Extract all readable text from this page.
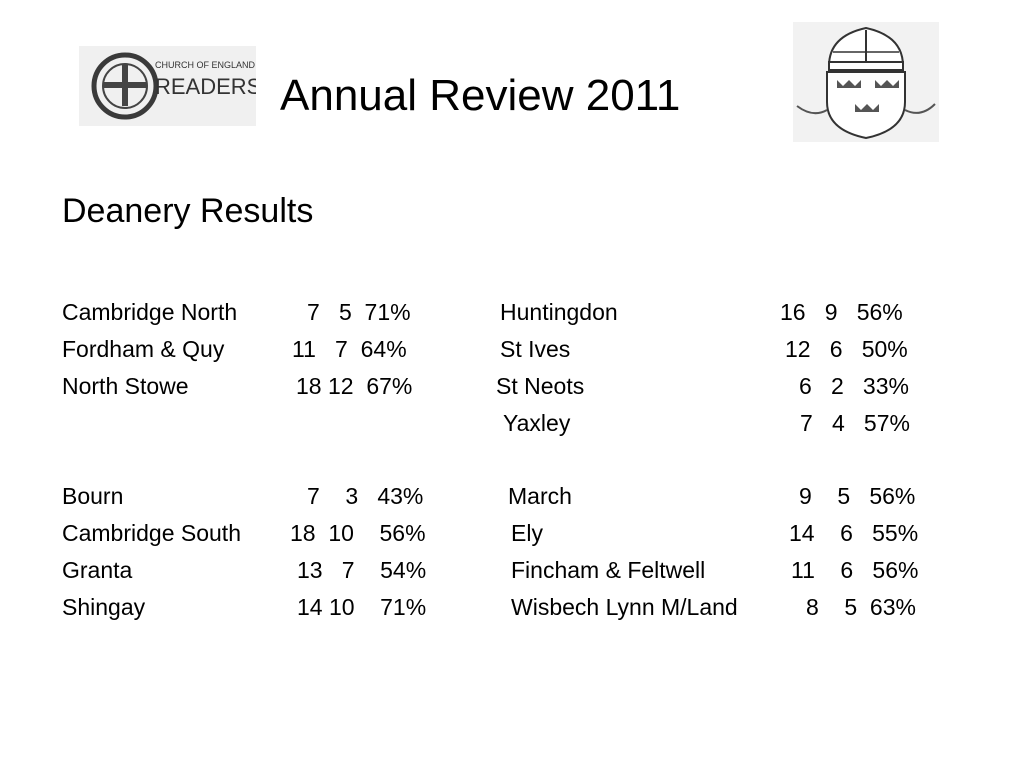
CHURCH OF ENGLAND
READERS Annual Review 2011
Deanery Results
Cambridge North	7   5  71%
Fordham & Quy	11   7  64%
North Stowe	18 12  67%
Huntingdon	16   9   56%
St Ives	12   6   50%
St Neots	6   2   33%
Yaxley	7   4   57%
Bourn	7    3   43%
Cambridge South 18  10    56%
Granta	13   7    54%
Shingay	14 10    71%
March	9    5   56%
Ely	14    6   55%
Fincham & Feltwell	11    6   56%
Wisbech Lynn M/Land	8    5  63%
